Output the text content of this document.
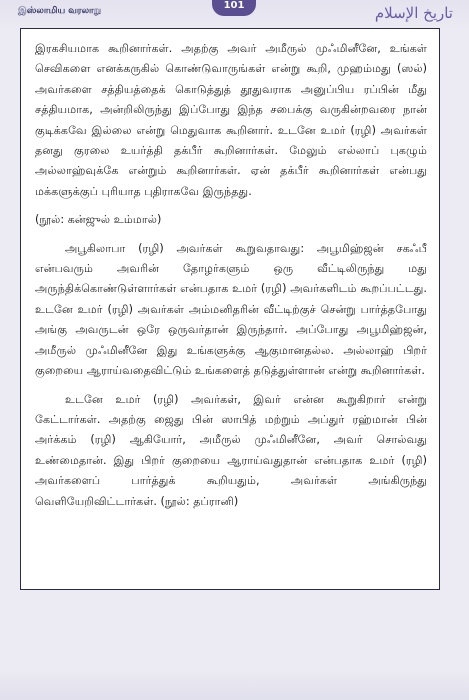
இஸ்லாமிய வரலாறு	101	تاريخ الإسلام

இரகசியமாக கூறினார்கள். அதற்கு அவர் அமீருல் முஃமினீனே, உங்கள் செவிகளை எனக்கருகில் கொண்டுவாருங்கள் என்று கூறி, முஹம்மது (ஸல்) அவர்களை சத்தியத்தைக் கொடுத்துத் தூதுவராக அனுப்பிய ரப்பின் மீது சத்தியமாக, அன்றிலிருந்து இப்போது இந்த சபைக்கு வருகின்றவரை நான் குடிக்கவே இல்லை என்று மெதுவாக கூறினார். உடனே உமர் (ரழி) அவர்கள் தனது குரலை உயர்த்தி தக்பீர் கூறினார்கள். மேலும் எல்லாப் புகழும் அல்லாஹ்வுக்கே என்றும் கூறினார்கள். ஏன் தக்பீர் கூறினார்கள் என்பது மக்களுக்குப் புரியாத புதிராகவே இருந்தது.

(நூல்: கன்ஜுல் உம்மால்)

அபூகிலாபா (ரழி) அவர்கள் கூறுவதாவது: அபூமிஹ்ஜன் சகஃபீ என்பவரும் அவரின் தோழர்களும் ஒரு வீட்டிலிருந்து மது அருந்திக்கொண்டுள்ளார்கள் என்பதாக உமர் (ரழி) அவர்களிடம் கூறப்பட்டது. உடனே உமர் (ரழி) அவர்கள் அம்மனிதரின் வீட்டிற்குச் சென்று பார்த்தபோது அங்கு அவருடன் ஒரே ஒருவர்தான் இருந்தார். அப்போது அபூமிஹ்ஜன், அமீருல் முஃமினீனே இது உங்களுக்கு ஆகுமானதல்ல. அல்லாஹ் பிறர் குறையை ஆராய்வதைவிட்டும் உங்களைத் தடுத்துள்ளான் என்று கூறினார்கள்.

உடனே உமர் (ரழி) அவர்கள், இவர் என்ன கூறுகிறார் என்று கேட்டார்கள். அதற்கு ஜைது பின் ஸாபித் மற்றும் அப்துர் ரஹ்மான் பின் அர்க்கம் (ரழி) ஆகியோர், அமீருல் முஃமினீனே, அவர் சொல்வது உண்மைதான். இது பிறர் குறையை ஆராய்வதுதான் என்பதாக உமர் (ரழி) அவர்களைப் பார்த்துக் கூறியதும், அவர்கள் அங்கிருந்து வெளியேறிவிட்டார்கள். (நூல்: தப்ரானி)
